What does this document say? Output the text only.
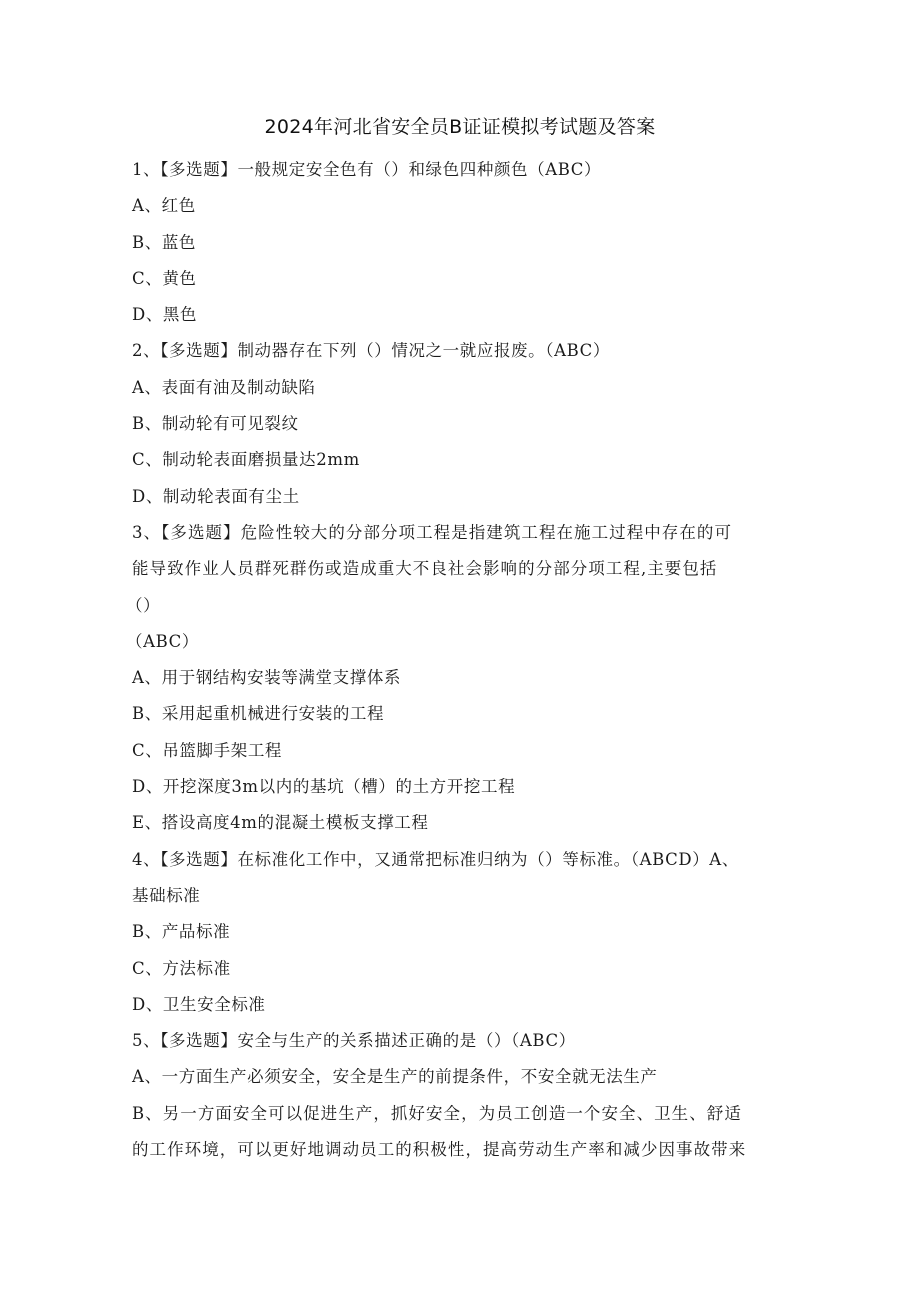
2024年河北省安全员B证证模拟考试题及答案
1、【多选题】一般规定安全色有（）和绿色四种颜色（ABC）
A、红色
B、蓝色
C、黄色
D、黑色
2、【多选题】制动器存在下列（）情况之一就应报废。（ABC）
A、表面有油及制动缺陷
B、制动轮有可见裂纹
C、制动轮表面磨损量达2mm
D、制动轮表面有尘土
3、【多选题】危险性较大的分部分项工程是指建筑工程在施工过程中存在的可
能导致作业人员群死群伤或造成重大不良社会影响的分部分项工程,主要包括
（）
（ABC）
A、用于钢结构安装等满堂支撑体系
B、采用起重机械进行安装的工程
C、吊篮脚手架工程
D、开挖深度3m以内的基坑（槽）的土方开挖工程
E、搭设高度4m的混凝土模板支撑工程
4、【多选题】在标准化工作中，又通常把标准归纳为（）等标准。（ABCD）A、
基础标准
B、产品标准
C、方法标准
D、卫生安全标准
5、【多选题】安全与生产的关系描述正确的是（）（ABC）
A、一方面生产必须安全，安全是生产的前提条件，不安全就无法生产
B、另一方面安全可以促进生产，抓好安全，为员工创造一个安全、卫生、舒适
的工作环境，可以更好地调动员工的积极性，提高劳动生产率和减少因事故带来
